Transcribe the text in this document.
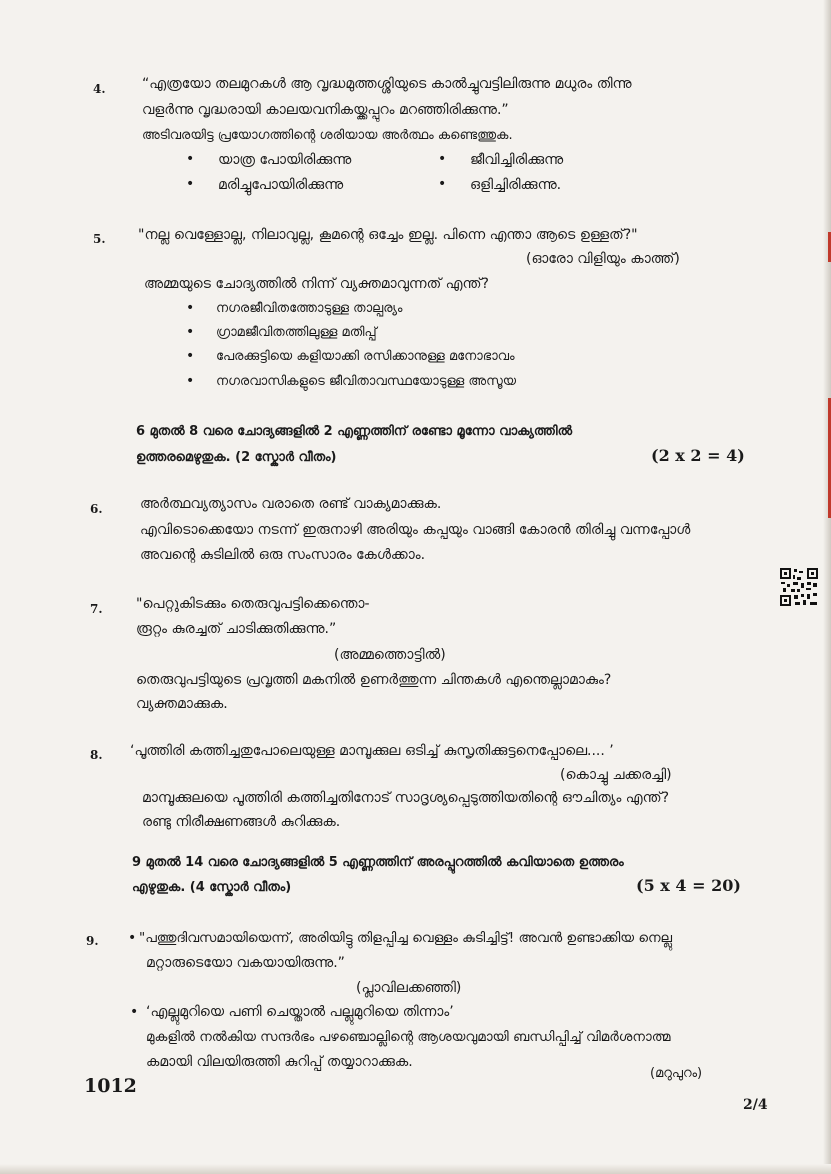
4.	“എത്രയോ തലമുറകൾ ആ വൃദ്ധമുത്തശ്ശിയുടെ കാൽച്ചുവട്ടിലിരുന്നു മധുരം തിന്നു
വളർന്നു വൃദ്ധരായി കാലയവനികയ്ക്കപ്പുറം മറഞ്ഞിരിക്കുന്നു.”
അടിവരയിട്ട പ്രയോഗത്തിന്റെ ശരിയായ അർത്ഥം കണ്ടെത്തുക.
• യാത്ര പോയിരിക്കുന്നു	• ജീവിച്ചിരിക്കുന്നു
• മരിച്ചുപോയിരിക്കുന്നു	• ഒളിച്ചിരിക്കുന്നു.
5. "നല്ല വെള്ളോല്ല, നിലാവുല്ല, കൂമന്റെ ഒച്ചേം ഇല്ല. പിന്നെ എന്താ ആടെ ഉള്ളത്?"
(ഓരോ വിളിയും കാത്ത്)
അമ്മയുടെ ചോദ്യത്തിൽ നിന്ന് വ്യക്തമാവുന്നത് എന്ത്?
• നഗരജീവിതത്തോടുള്ള താല്പര്യം
• ഗ്രാമജീവിതത്തിലുള്ള മതിപ്പ്
• പേരക്കുട്ടിയെ കളിയാക്കി രസിക്കാനുള്ള മനോഭാവം
• നഗരവാസികളുടെ ജീവിതാവസ്ഥയോടുള്ള അസൂയ
6 മുതൽ 8 വരെ ചോദ്യങ്ങളിൽ 2 എണ്ണത്തിന് രണ്ടോ മൂന്നോ വാക്യത്തിൽ
ഉത്തരമെഴുതുക. (2 സ്കോർ വീതം)	(2 x 2 = 4)
6.	അർത്ഥവ്യത്യാസം വരാതെ രണ്ട് വാക്യമാക്കുക.
എവിടൊക്കെയോ നടന്ന് ഇരുനാഴി അരിയും കപ്പയും വാങ്ങി കോരൻ തിരിച്ചു വന്നപ്പോൾ
അവന്റെ കുടിലിൽ ഒരു സംസാരം കേൾക്കാം.
7. "പെറ്റുകിടക്കും തെരുവുപട്ടിക്കെന്തൊ-
രൂറ്റം കുരച്ചത് ചാടിക്കുതിക്കുന്നു.”
(അമ്മത്തൊട്ടിൽ)
തെരുവുപട്ടിയുടെ പ്രവൃത്തി മകനിൽ ഉണർത്തുന്ന ചിന്തകൾ എന്തെല്ലാമാകും?
വ്യക്തമാക്കുക.
8. ‘പൂത്തിരി കത്തിച്ചതുപോലെയുള്ള മാമ്പൂക്കുല ഒടിച്ച് കുസൃതിക്കുട്ടനെപ്പോലെ.... ’
(കൊച്ചു ചക്കരച്ചി)
മാമ്പൂക്കുലയെ പൂത്തിരി കത്തിച്ചതിനോട് സാദൃശ്യപ്പെടുത്തിയതിന്റെ ഔചിത്യം എന്ത്?
രണ്ടു നിരീക്ഷണങ്ങൾ കുറിക്കുക.
9 മുതൽ 14 വരെ ചോദ്യങ്ങളിൽ 5 എണ്ണത്തിന് അരപ്പുറത്തിൽ കവിയാതെ ഉത്തരം
എഴുതുക. (4 സ്കോർ വീതം)	(5 x 4 = 20)
9. • "പത്തുദിവസമായിയെന്ന്, അരിയിട്ടു തിളപ്പിച്ച വെള്ളം കുടിച്ചിട്ട്! അവൻ ഉണ്ടാക്കിയ നെല്ലു
മറ്റാരുടെയോ വകയായിരുന്നു.”
(പ്ലാവിലക്കഞ്ഞി)
• ‘എല്ലുമുറിയെ പണി ചെയ്താൽ പല്ലുമുറിയെ തിന്നാം’
മുകളിൽ നൽകിയ സന്ദർഭം പഴഞ്ചൊല്ലിന്റെ ആശയവുമായി ബന്ധിപ്പിച്ച് വിമർശനാത്മ
കമായി വിലയിരുത്തി കുറിപ്പ് തയ്യാറാക്കുക.
1012
(മറുപുറം)
2/4
